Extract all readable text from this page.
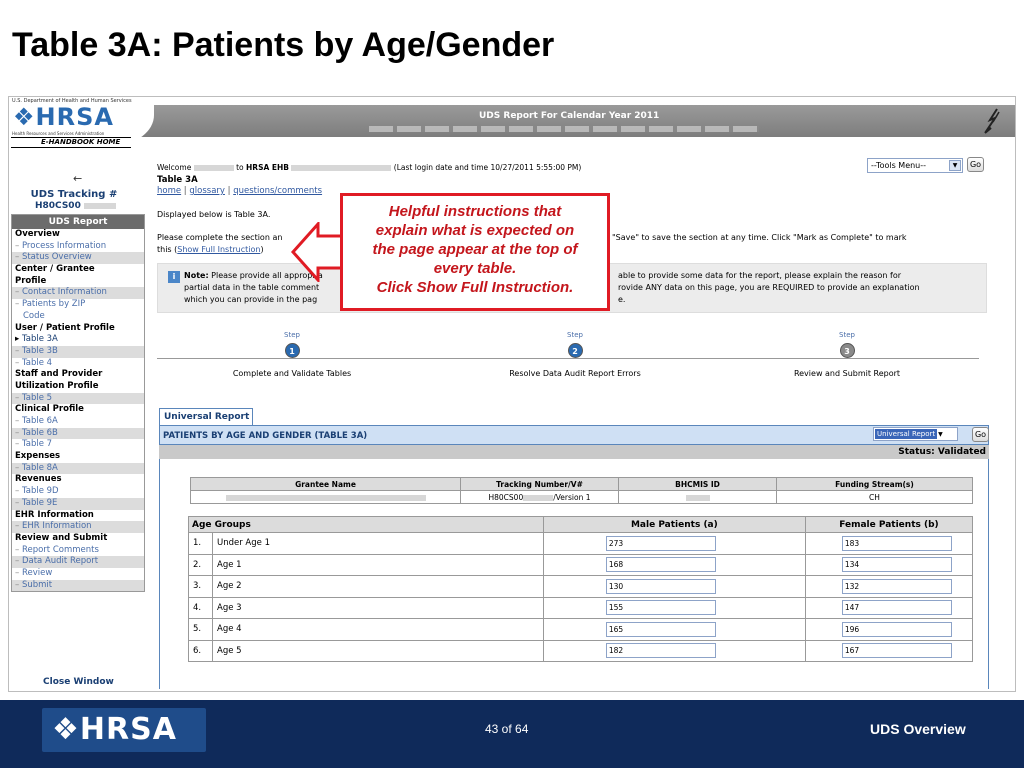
Table 3A: Patients by Age/Gender
UDS Report For Calendar Year 2011
U.S. Department of Health and Human Services
❖HRSA
Health Resources and Services Administration
E-HANDBOOK HOME
←
UDS Tracking #
H80CS00
UDS Report
Overview
– Process Information
– Status Overview
Center / Grantee
Profile
– Contact Information
– Patients by ZIP
Code
User / Patient Profile
▸ Table 3A
– Table 3B
– Table 4
Staff and Provider
Utilization Profile
– Table 5
Clinical Profile
– Table 6A
– Table 6B
– Table 7
Expenses
– Table 8A
Revenues
– Table 9D
– Table 9E
EHR Information
– EHR Information
Review and Submit
– Report Comments
– Data Audit Report
– Review
– Submit
Close Window
Welcome	to HRSA EHB	(Last login date and time 10/27/2011 5:55:00 PM)	--Tools Menu--	▼	Go
Table 3A
home | glossary | questions/comments
Displayed below is Table 3A.
Please complete the section an	"Save" to save the section at any time. Click "Mark as Complete" to mark
this (Show Full Instruction)
i	Note: Please provide all appropria
partial data in the table comment
which you can provide in the pag
able to provide some data for the report, please explain the reason for
rovide ANY data on this page, you are REQUIRED to provide an explanation
e.
Step
1
Complete and Validate Tables
Step
2
Resolve Data Audit Report Errors
Step
3
Review and Submit Report
Universal Report
PATIENTS BY AGE AND GENDER (TABLE 3A)	Universal Report ▼	Go
Status: Validated
Grantee Name	Tracking Number/V#	BHCMIS ID	Funding Stream(s)
	H80CS00 /Version 1		CH
Age Groups		Male Patients (a)	Female Patients (b)
1.	Under Age 1	273	183

2.	Age 1	168	134

3.	Age 2	130	132

4.	Age 3	155	147

5.	Age 4	165	196

6.	Age 5	182	167
Helpful instructions that
explain what is expected on
the page appear at the top of
every table.
Click Show Full Instruction.
❖HRSA	43 of 64	UDS Overview
